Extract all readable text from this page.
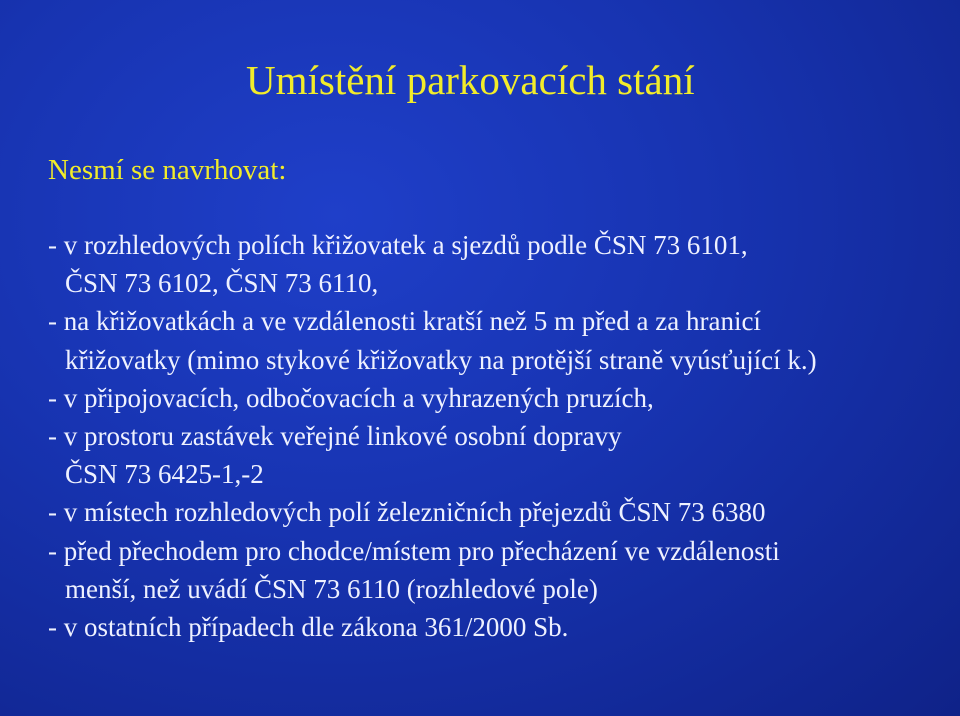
Umístění parkovacích stání
Nesmí se navrhovat:
- v rozhledových polích křižovatek a sjezdů podle ČSN 73 6101,
ČSN 73 6102, ČSN 73 6110,
- na křižovatkách a ve vzdálenosti kratší než 5 m před a za hranicí
křižovatky (mimo stykové křižovatky na protější straně vyúsťující k.)
- v připojovacích, odbočovacích a vyhrazených pruzích,
- v prostoru zastávek veřejné linkové osobní dopravy
ČSN 73 6425-1,-2
- v místech rozhledových polí železničních přejezdů ČSN 73 6380
- před přechodem pro chodce/místem pro přecházení ve vzdálenosti
menší, než uvádí ČSN 73 6110 (rozhledové pole)
- v ostatních případech dle zákona 361/2000 Sb.
